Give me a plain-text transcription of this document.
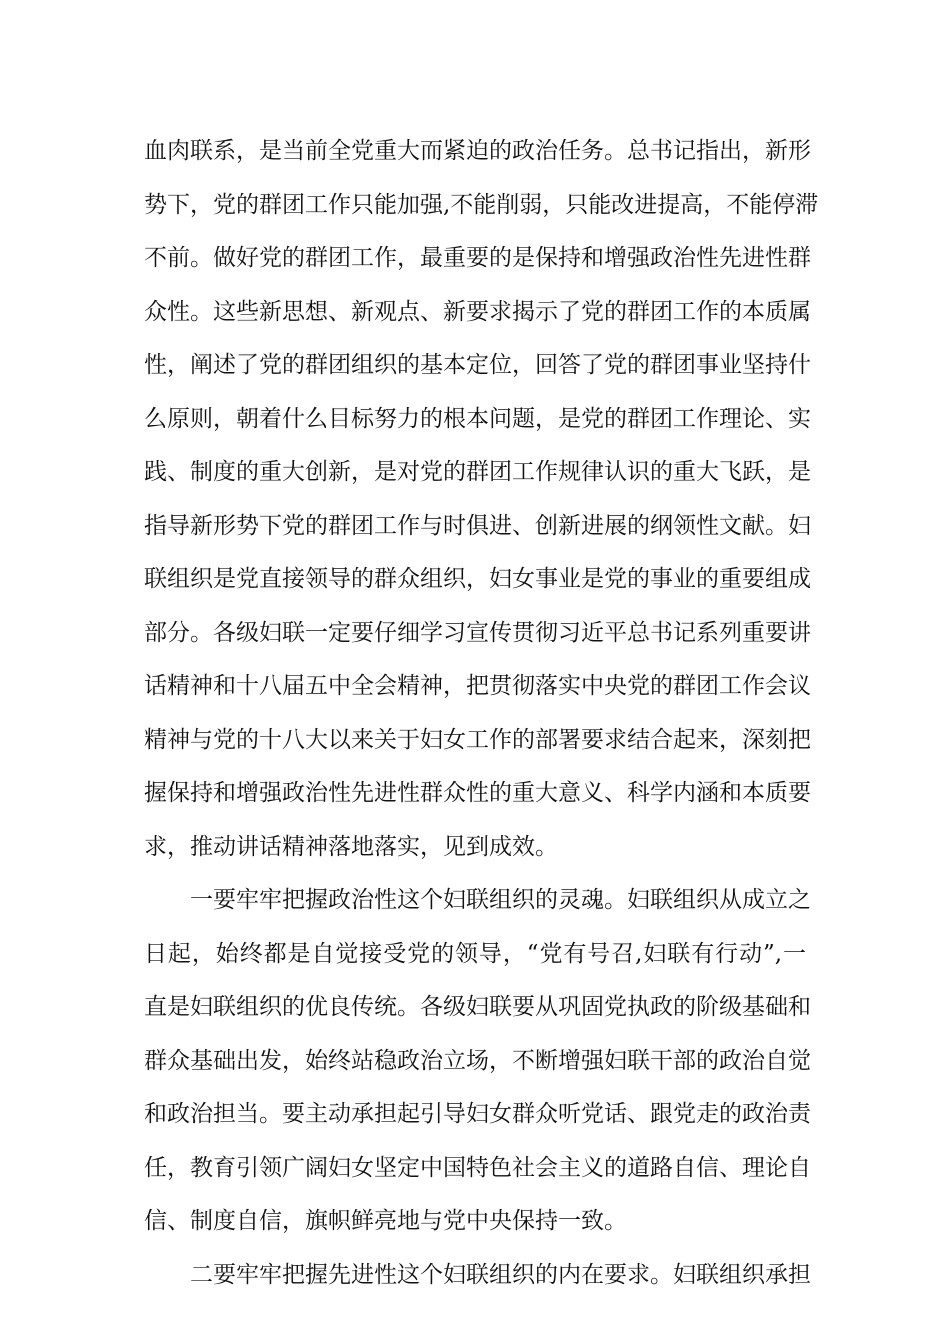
血肉联系，是当前全党重大而紧迫的政治任务。总书记指出，新形
势下，党的群团工作只能加强,不能削弱，只能改进提高，不能停滞
不前。做好党的群团工作，最重要的是保持和增强政治性先进性群
众性。这些新思想、新观点、新要求揭示了党的群团工作的本质属
性，阐述了党的群团组织的基本定位，回答了党的群团事业坚持什
么原则，朝着什么目标努力的根本问题，是党的群团工作理论、实
践、制度的重大创新，是对党的群团工作规律认识的重大飞跃，是
指导新形势下党的群团工作与时俱进、创新进展的纲领性文献。妇
联组织是党直接领导的群众组织，妇女事业是党的事业的重要组成
部分。各级妇联一定要仔细学习宣传贯彻习近平总书记系列重要讲
话精神和十八届五中全会精神，把贯彻落实中央党的群团工作会议
精神与党的十八大以来关于妇女工作的部署要求结合起来，深刻把
握保持和增强政治性先进性群众性的重大意义、科学内涵和本质要
求，推动讲话精神落地落实，见到成效。
一要牢牢把握政治性这个妇联组织的灵魂。妇联组织从成立之
日起，始终都是自觉接受党的领导，“党有号召,妇联有行动”,一
直是妇联组织的优良传统。各级妇联要从巩固党执政的阶级基础和
群众基础出发，始终站稳政治立场，不断增强妇联干部的政治自觉
和政治担当。要主动承担起引导妇女群众听党话、跟党走的政治责
任，教育引领广阔妇女坚定中国特色社会主义的道路自信、理论自
信、制度自信，旗帜鲜亮地与党中央保持一致。
二要牢牢把握先进性这个妇联组织的内在要求。妇联组织承担
